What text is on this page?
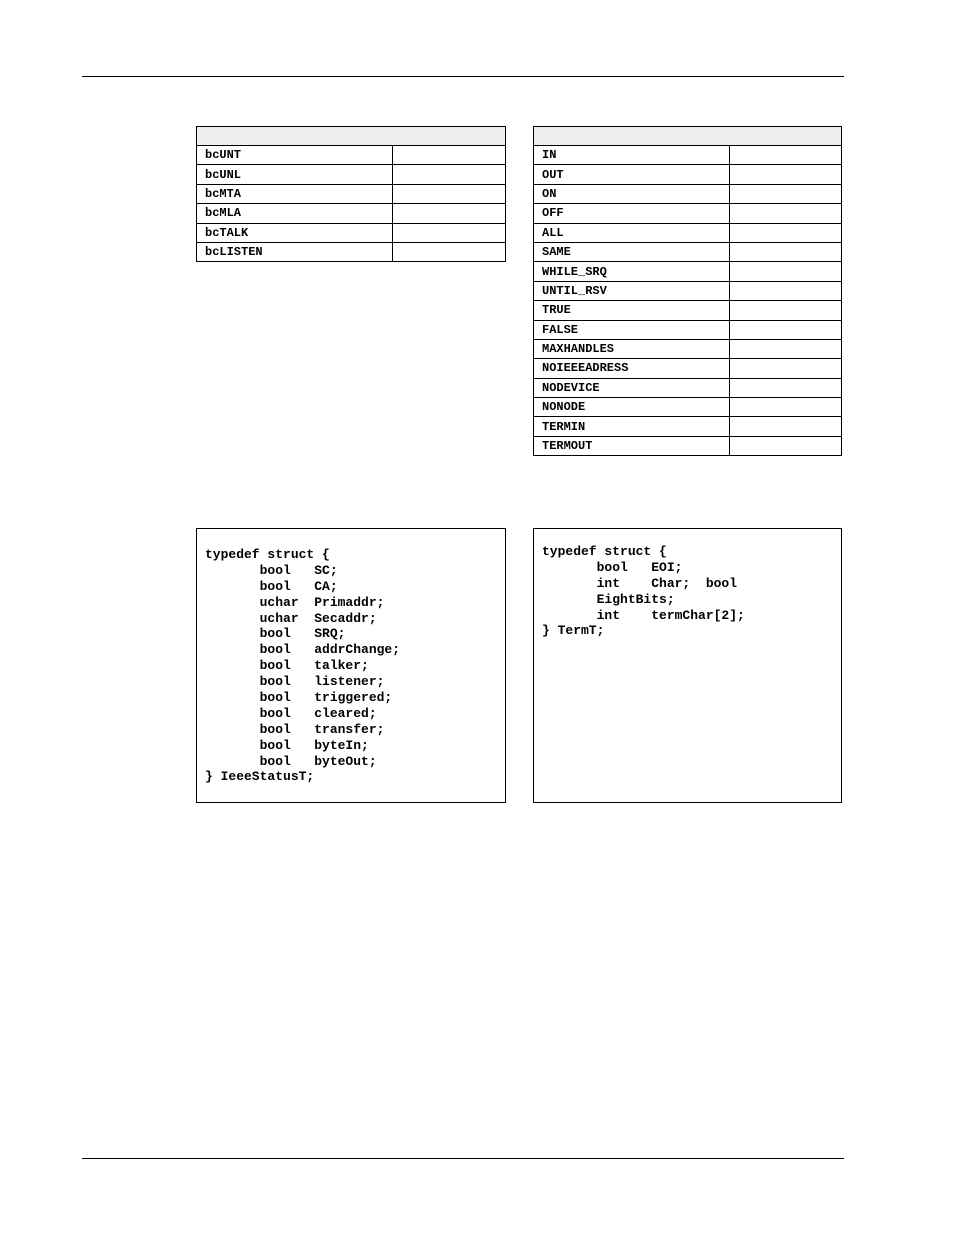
bcUNT	
bcUNL	
bcMTA	
bcMLA	
bcTALK	
bcLISTEN	

IN	
OUT	
ON	
OFF	
ALL	
SAME	
WHILE_SRQ	
UNTIL_RSV	
TRUE	
FALSE	
MAXHANDLES	
NOIEEEADRESS	
NODEVICE	
NONODE	
TERMIN	
TERMOUT	
typedef struct {
bool   SC;
bool   CA;
uchar  Primaddr;
uchar  Secaddr;
bool   SRQ;
bool   addrChange;
bool   talker;
bool   listener;
bool   triggered;
bool   cleared;
bool   transfer;
bool   byteIn;
bool   byteOut;
} IeeeStatusT;
typedef struct {
bool   EOI;
int    Char;  bool
EightBits;
int    termChar[2];
} TermT;
